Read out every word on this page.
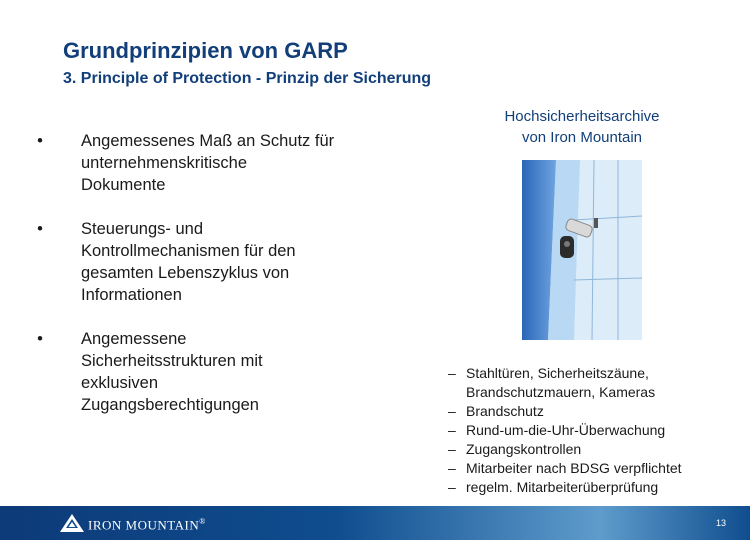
Grundprinzipien von GARP
3. Principle of Protection - Prinzip der Sicherung
•	Angemessenes Maß an Schutz für
unternehmenskritische
Dokumente
•	Steuerungs- und
Kontrollmechanismen für den
gesamten Lebenszyklus von
Informationen
•	Angemessene
Sicherheitsstrukturen mit
exklusiven
Zugangsberechtigungen
Hochsicherheitsarchive
von Iron Mountain
– Stahltüren, Sicherheitszäune,
Brandschutzmauern, Kameras
– Brandschutz
– Rund-um-die-Uhr-Überwachung
– Zugangskontrollen
– Mitarbeiter nach BDSG verpflichtet
– regelm. Mitarbeiterüberprüfung
IRON MOUNTAIN®	13
